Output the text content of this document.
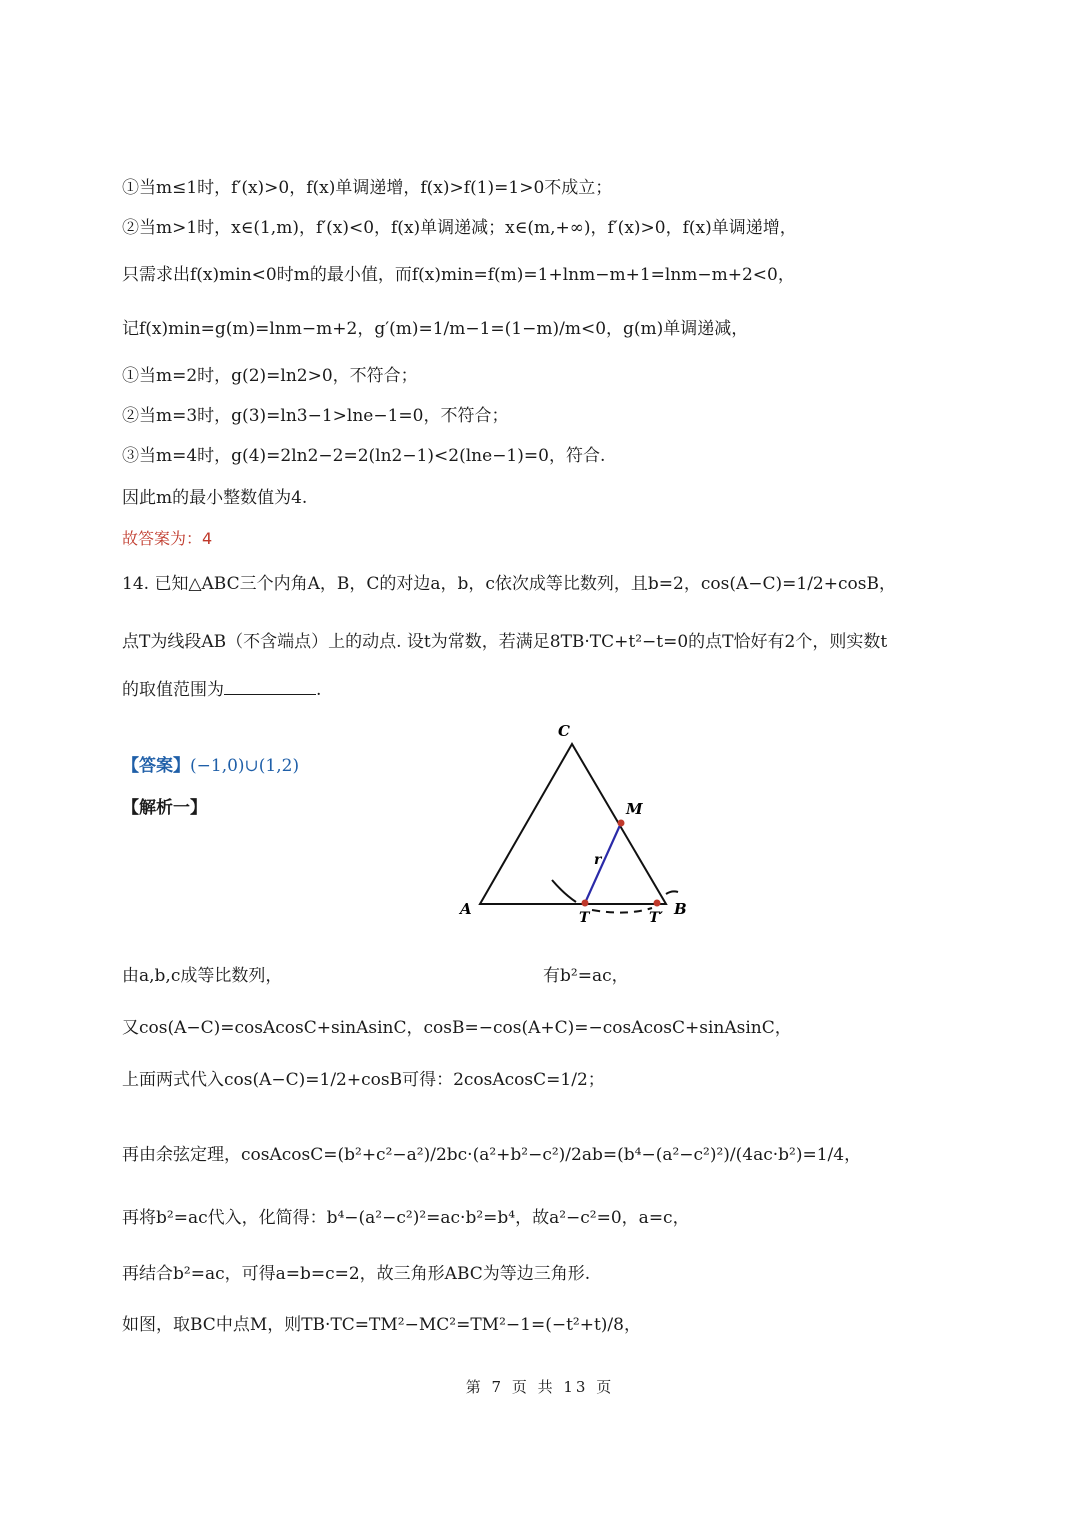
①当m≤1时，f′(x)>0，f(x)单调递增，f(x)>f(1)=1>0不成立；
②当m>1时，x∈(1,m)，f′(x)<0，f(x)单调递减；x∈(m,+∞)，f′(x)>0，f(x)单调递增，
只需求出f(x)min<0时m的最小值，而f(x)min=f(m)=1+lnm−m+1=lnm−m+2<0，
记f(x)min=g(m)=lnm−m+2，g′(m)=1/m−1=(1−m)/m<0，g(m)单调递减，
①当m=2时，g(2)=ln2>0，不符合；
②当m=3时，g(3)=ln3−1>lne−1=0，不符合；
③当m=4时，g(4)=2ln2−2=2(ln2−1)<2(lne−1)=0，符合.
因此m的最小整数值为4.
故答案为：4
14. 已知△ABC三个内角A，B，C的对边a，b，c依次成等比数列，且b=2，cos(A−C)=1/2+cosB，
点T为线段AB（不含端点）上的动点. 设t为常数，若满足8TB·TC+t²−t=0的点T恰好有2个，则实数t
的取值范围为	.
【答案】(−1,0)∪(1,2)
【解析一】
C
A	B
M
T	T′
r
由a,b,c成等比数列，	有b²=ac，
又cos(A−C)=cosAcosC+sinAsinC，cosB=−cos(A+C)=−cosAcosC+sinAsinC，
上面两式代入cos(A−C)=1/2+cosB可得：2cosAcosC=1/2；
再由余弦定理，cosAcosC=(b²+c²−a²)/2bc·(a²+b²−c²)/2ab=(b⁴−(a²−c²)²)/(4ac·b²)=1/4，
再将b²=ac代入，化简得：b⁴−(a²−c²)²=ac·b²=b⁴，故a²−c²=0，a=c，
再结合b²=ac，可得a=b=c=2，故三角形ABC为等边三角形.
如图，取BC中点M，则TB·TC=TM²−MC²=TM²−1=(−t²+t)/8，
第 7 页 共 13 页
